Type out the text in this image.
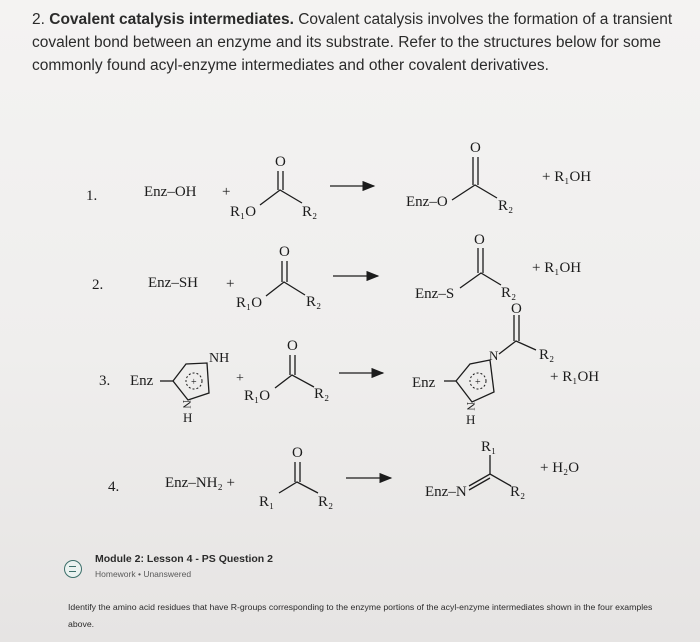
2. Covalent catalysis intermediates. Covalent catalysis involves the formation of a transient covalent bond between an enzyme and its substrate. Refer to the structures below for some commonly found acyl-enzyme intermediates and other covalent derivatives.
1.	Enz–OH +
O
R₁O	R₂
Enz–O
O
R₂
+ R₁OH
2.	Enz–SH +
O
R₁O	R₂	Enz–S
O
R₂
+ R₁OH
3. Enz	+
NH
N
H
+
O
R₁O	R₂
Enz	+
N
O
R₂
N
H
+ R₁OH
4.	Enz–NH₂ +
O
R₁	R₂
Enz–N
R₁
R₂
+ H₂O
Module 2: Lesson 4 - PS Question 2
Homework • Unanswered
Identify the amino acid residues that have R-groups corresponding to the enzyme portions of the acyl-enzyme intermediates shown in the four examples above.
